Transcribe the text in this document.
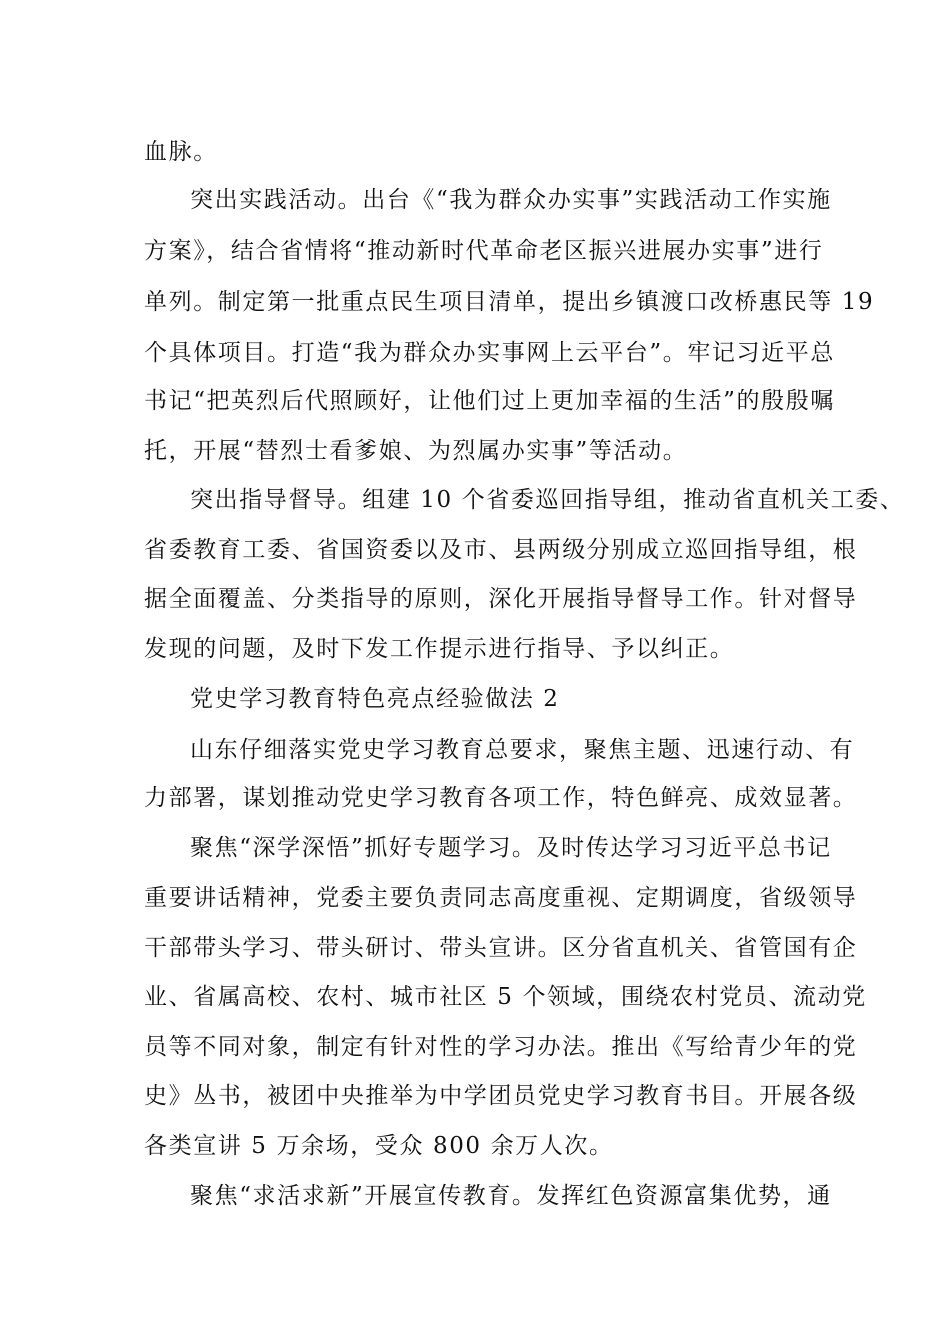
血脉。
突出实践活动。出台《“我为群众办实事”实践活动工作实施
方案》，结合省情将“推动新时代革命老区振兴进展办实事”进行
单列。制定第一批重点民生项目清单，提出乡镇渡口改桥惠民等 19
个具体项目。打造“我为群众办实事网上云平台”。牢记习近平总
书记“把英烈后代照顾好，让他们过上更加幸福的生活”的殷殷嘱
托，开展“替烈士看爹娘、为烈属办实事”等活动。
突出指导督导。组建 10 个省委巡回指导组，推动省直机关工委、
省委教育工委、省国资委以及市、县两级分别成立巡回指导组，根
据全面覆盖、分类指导的原则，深化开展指导督导工作。针对督导
发现的问题，及时下发工作提示进行指导、予以纠正。
党史学习教育特色亮点经验做法 2
山东仔细落实党史学习教育总要求，聚焦主题、迅速行动、有
力部署，谋划推动党史学习教育各项工作，特色鲜亮、成效显著。
聚焦“深学深悟”抓好专题学习。及时传达学习习近平总书记
重要讲话精神，党委主要负责同志高度重视、定期调度，省级领导
干部带头学习、带头研讨、带头宣讲。区分省直机关、省管国有企
业、省属高校、农村、城市社区 5 个领域，围绕农村党员、流动党
员等不同对象，制定有针对性的学习办法。推出《写给青少年的党
史》丛书，被团中央推举为中学团员党史学习教育书目。开展各级
各类宣讲 5 万余场，受众 800 余万人次。
聚焦“求活求新”开展宣传教育。发挥红色资源富集优势，通
